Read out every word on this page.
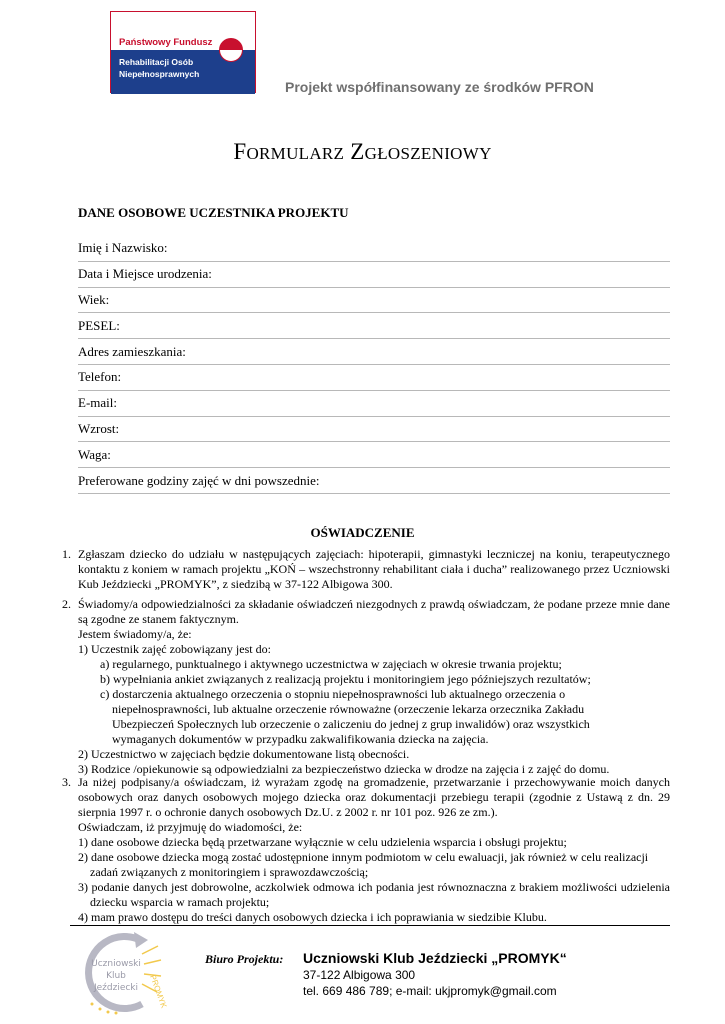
Państwowy Fundusz
Rehabilitacji Osób
Niepełnosprawnych
Projekt współfinansowany ze środków PFRON
FORMULARZ ZGŁOSZENIOWY
DANE OSOBOWE UCZESTNIKA PROJEKTU
Imię i Nazwisko:
Data i Miejsce urodzenia:
Wiek:
PESEL:
Adres zamieszkania:
Telefon:
E-mail:
Wzrost:
Waga:
Preferowane godziny zajęć w dni powszednie:
OŚWIADCZENIE
1. Zgłaszam dziecko do udziału w następujących zajęciach: hipoterapii, gimnastyki leczniczej na koniu, terapeutycznego kontaktu z koniem w ramach projektu „KOŃ – wszechstronny rehabilitant ciała i ducha” realizowanego przez Uczniowski Kub Jeździecki „PROMYK”, z siedzibą w 37-122 Albigowa 300.
2. Świadomy/a odpowiedzialności za składanie oświadczeń niezgodnych z prawdą oświadczam, że podane przeze mnie dane są zgodne ze stanem faktycznym.
Jestem świadomy/a, że:
1) Uczestnik zajęć zobowiązany jest do:
a) regularnego, punktualnego i aktywnego uczestnictwa w zajęciach w okresie trwania projektu;
b) wypełniania ankiet związanych z realizacją projektu i monitoringiem jego późniejszych rezultatów;
c) dostarczenia aktualnego orzeczenia o stopniu niepełnosprawności lub aktualnego orzeczenia o niepełnosprawności, lub aktualne orzeczenie równoważne (orzeczenie lekarza orzecznika Zakładu Ubezpieczeń Społecznych lub orzeczenie o zaliczeniu do jednej z grup inwalidów) oraz wszystkich wymaganych dokumentów w przypadku zakwalifikowania dziecka na zajęcia.
2) Uczestnictwo w zajęciach będzie dokumentowane listą obecności.
3) Rodzice /opiekunowie są odpowiedzialni za bezpieczeństwo dziecka w drodze na zajęcia i z zajęć do domu.
3. Ja niżej podpisany/a oświadczam, iż wyrażam zgodę na gromadzenie, przetwarzanie i przechowywanie moich danych osobowych oraz danych osobowych mojego dziecka oraz dokumentacji przebiegu terapii (zgodnie z Ustawą z dn. 29 sierpnia 1997 r. o ochronie danych osobowych Dz.U. z 2002 r. nr 101 poz. 926 ze zm.).
Oświadczam, iż przyjmuję do wiadomości, że:
1) dane osobowe dziecka będą przetwarzane wyłącznie w celu udzielenia wsparcia i obsługi projektu;
2) dane osobowe dziecka mogą zostać udostępnione innym podmiotom w celu ewaluacji, jak również w celu realizacji zadań związanych z monitoringiem i sprawozdawczością;
3) podanie danych jest dobrowolne, aczkolwiek odmowa ich podania jest równoznaczna z brakiem możliwości udzielenia dziecku wsparcia w ramach projektu;
4) mam prawo dostępu do treści danych osobowych dziecka i ich poprawiania w siedzibie Klubu.
PROMYK
Uczniowski
Klub
Jeździecki
Biuro Projektu: Uczniowski Klub Jeździecki „PROMYK“
37-122 Albigowa 300
tel. 669 486 789; e-mail: ukjpromyk@gmail.com
